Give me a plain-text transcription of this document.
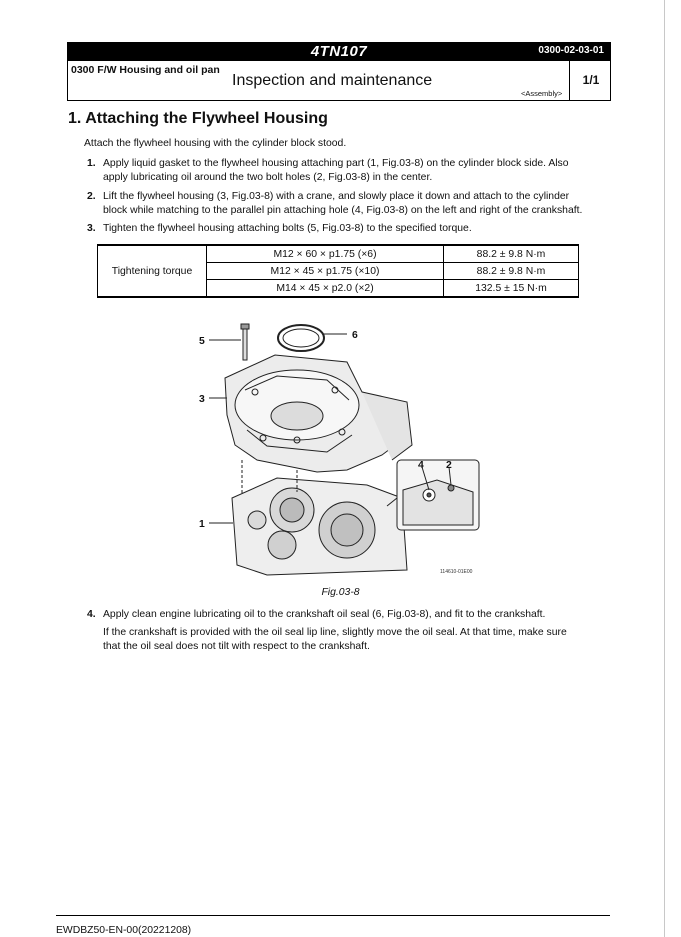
4TN107	0300-02-03-01
0300 F/W Housing and oil pan
Inspection and maintenance
<Assembly>
1/1
1. Attaching the Flywheel Housing
Attach the flywheel housing with the cylinder block stood.
1. Apply liquid gasket to the flywheel housing attaching part (1, Fig.03-8) on the cylinder block side. Also
apply lubricating oil around the two bolt holes (2, Fig.03-8) in the center.
2. Lift the flywheel housing (3, Fig.03-8) with a crane, and slowly place it down and attach to the cylinder
block while matching to the parallel pin attaching hole (4, Fig.03-8) on the left and right of the crankshaft.
3. Tighten the flywheel housing attaching bolts (5, Fig.03-8) to the specified torque.
Tightening torque	M12 × 60 × p1.75 (×6)	88.2 ± 9.8 N·m
	M12 × 45 × p1.75 (×10)	88.2 ± 9.8 N·m
	M14 × 45 × p2.0 (×2)	132.5 ± 15 N·m
5
6
3
1
4 2
114610-01E00
Fig.03-8
4. Apply clean engine lubricating oil to the crankshaft oil seal (6, Fig.03-8), and fit to the crankshaft.
If the crankshaft is provided with the oil seal lip line, slightly move the oil seal. At that time, make sure
that the oil seal does not tilt with respect to the crankshaft.
EWDBZ50-EN-00(20221208)
